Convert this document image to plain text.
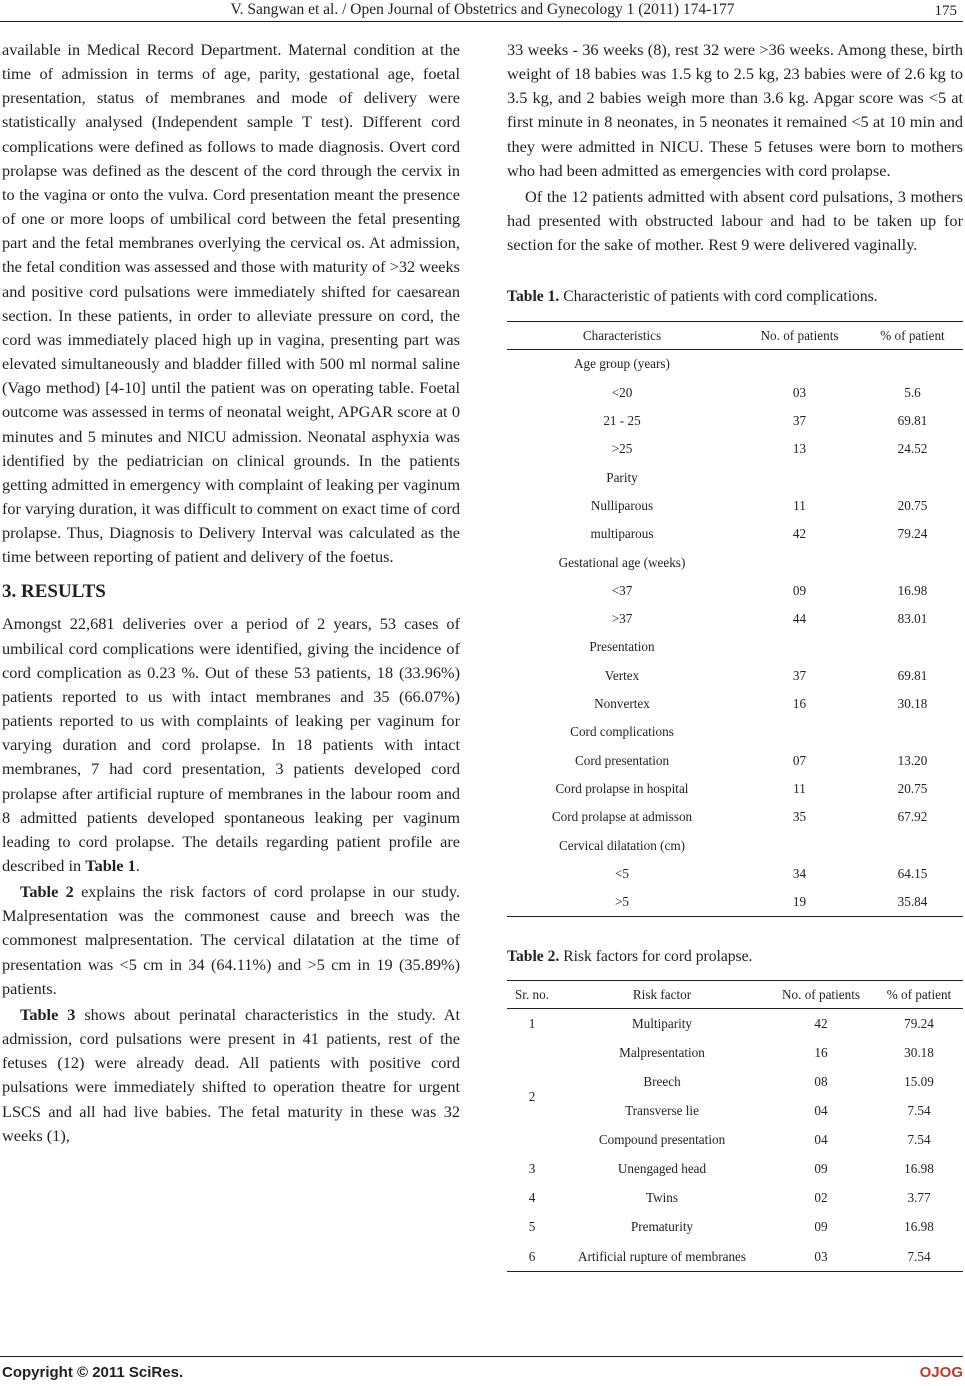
V. Sangwan et al. / Open Journal of Obstetrics and Gynecology 1 (2011) 174-177	175

available in Medical Record Department. Maternal condition at the time of admission in terms of age, parity, gestational age, foetal presentation, status of membranes and mode of delivery were statistically analysed (Independent sample T test). Different cord complications were defined as follows to made diagnosis. Overt cord prolapse was defined as the descent of the cord through the cervix in to the vagina or onto the vulva. Cord presentation meant the presence of one or more loops of umbilical cord between the fetal presenting part and the fetal membranes overlying the cervical os. At admission, the fetal condition was assessed and those with maturity of >32 weeks and positive cord pulsations were immediately shifted for caesarean section. In these patients, in order to alleviate pressure on cord, the cord was immediately placed high up in vagina, presenting part was elevated simultaneously and bladder filled with 500 ml normal saline (Vago method) [4-10] until the patient was on operating table. Foetal outcome was assessed in terms of neonatal weight, APGAR score at 0 minutes and 5 minutes and NICU admission. Neonatal asphyxia was identified by the pediatrician on clinical grounds. In the patients getting admitted in emergency with complaint of leaking per vaginum for varying duration, it was difficult to comment on exact time of cord prolapse. Thus, Diagnosis to Delivery Interval was calculated as the time between reporting of patient and delivery of the foetus.

3. RESULTS

Amongst 22,681 deliveries over a period of 2 years, 53 cases of umbilical cord complications were identified, giving the incidence of cord complication as 0.23 %. Out of these 53 patients, 18 (33.96%) patients reported to us with intact membranes and 35 (66.07%) patients reported to us with complaints of leaking per vaginum for varying duration and cord prolapse. In 18 patients with intact membranes, 7 had cord presentation, 3 patients developed cord prolapse after artificial rupture of membranes in the labour room and 8 admitted patients developed spontaneous leaking per vaginum leading to cord prolapse. The details regarding patient profile are described in Table 1.

Table 2 explains the risk factors of cord prolapse in our study. Malpresentation was the commonest cause and breech was the commonest malpresentation. The cervical dilatation at the time of presentation was <5 cm in 34 (64.11%) and >5 cm in 19 (35.89%) patients.

Table 3 shows about perinatal characteristics in the study. At admission, cord pulsations were present in 41 patients, rest of the fetuses (12) were already dead. All patients with positive cord pulsations were immediately shifted to operation theatre for urgent LSCS and all had live babies. The fetal maturity in these was 32 weeks (1),

33 weeks - 36 weeks (8), rest 32 were >36 weeks. Among these, birth weight of 18 babies was 1.5 kg to 2.5 kg, 23 babies were of 2.6 kg to 3.5 kg, and 2 babies weigh more than 3.6 kg. Apgar score was <5 at first minute in 8 neonates, in 5 neonates it remained <5 at 10 min and they were admitted in NICU. These 5 fetuses were born to mothers who had been admitted as emergencies with cord prolapse.

Of the 12 patients admitted with absent cord pulsations, 3 mothers had presented with obstructed labour and had to be taken up for section for the sake of mother. Rest 9 were delivered vaginally.

Table 1. Characteristic of patients with cord complications.
Characteristics	No. of patients	% of patient
Age group (years)		
<20	03	5.6
21 - 25	37	69.81
>25	13	24.52
Parity		
Nulliparous	11	20.75
multiparous	42	79.24
Gestational age (weeks)		
<37	09	16.98
>37	44	83.01
Presentation		
Vertex	37	69.81
Nonvertex	16	30.18
Cord complications		
Cord presentation	07	13.20
Cord prolapse in hospital	11	20.75
Cord prolapse at admisson	35	67.92
Cervical dilatation (cm)		
<5	34	64.15
>5	19	35.84
Table 2. Risk factors for cord prolapse.
Sr. no.	Risk factor	No. of patients	% of patient
1	Multiparity	42	79.24
2	Malpresentation	16	30.18
	Breech	08	15.09
	Transverse lie	04	7.54
	Compound presentation	04	7.54
3	Unengaged head	09	16.98
4	Twins	02	3.77
5	Prematurity	09	16.98
6	Artificial rupture of membranes	03	7.54
Copyright © 2011 SciRes.	OJOG
